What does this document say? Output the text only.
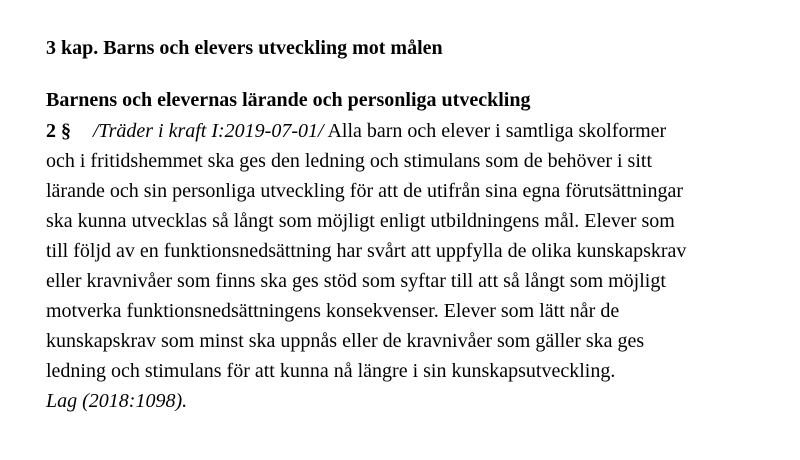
3 kap. Barns och elevers utveckling mot målen
Barnens och elevernas lärande och personliga utveckling
2 § /Träder i kraft I:2019-07-01/ Alla barn och elever i samtliga skolformer
och i fritidshemmet ska ges den ledning och stimulans som de behöver i sitt
lärande och sin personliga utveckling för att de utifrån sina egna förutsättningar
ska kunna utvecklas så långt som möjligt enligt utbildningens mål. Elever som
till följd av en funktionsnedsättning har svårt att uppfylla de olika kunskapskrav
eller kravnivåer som finns ska ges stöd som syftar till att så långt som möjligt
motverka funktionsnedsättningens konsekvenser. Elever som lätt når de
kunskapskrav som minst ska uppnås eller de kravnivåer som gäller ska ges
ledning och stimulans för att kunna nå längre i sin kunskapsutveckling.
Lag (2018:1098).
